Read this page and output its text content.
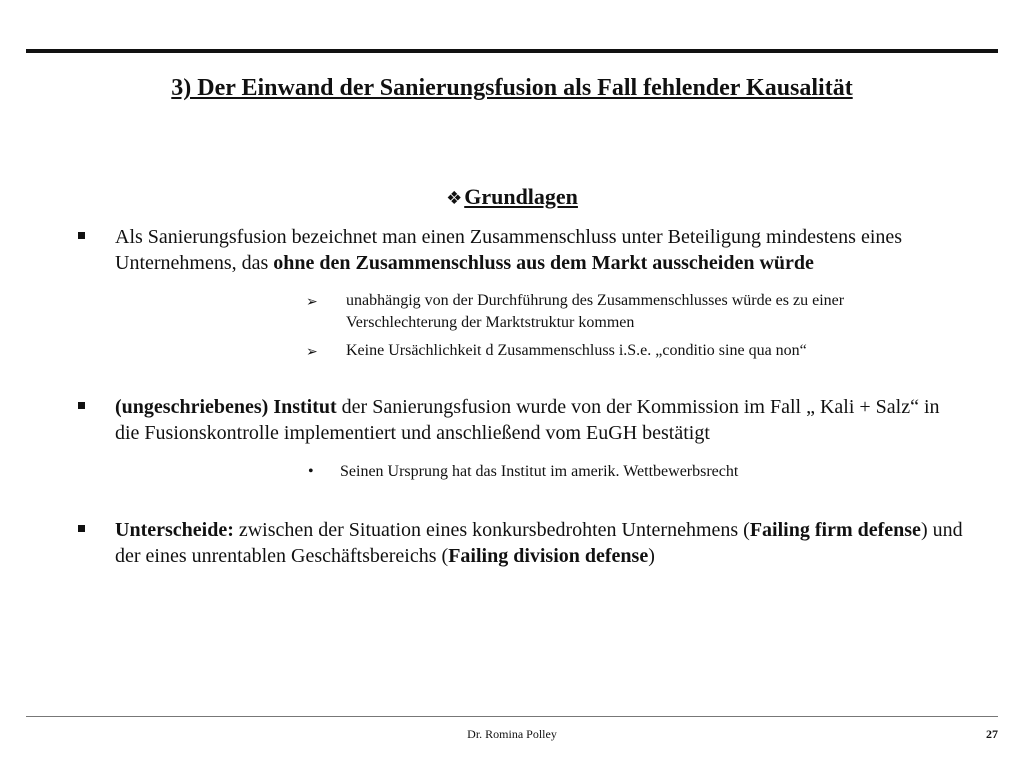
3) Der Einwand der Sanierungsfusion als Fall fehlender Kausalität
❖Grundlagen
Als Sanierungsfusion bezeichnet man einen Zusammenschluss unter Beteiligung mindestens eines Unternehmens, das ohne den Zusammenschluss aus dem Markt ausscheiden würde
➢ unabhängig von der Durchführung des Zusammenschlusses würde es zu einer Verschlechterung der Marktstruktur kommen
➢ Keine Ursächlichkeit d Zusammenschluss i.S.e. „conditio sine qua non“
(ungeschriebenes) Institut der Sanierungsfusion wurde von der Kommission im Fall „ Kali + Salz“ in die Fusionskontrolle implementiert und anschließend vom EuGH bestätigt
• Seinen Ursprung hat das Institut im amerik. Wettbewerbsrecht
Unterscheide: zwischen der Situation eines konkursbedrohten Unternehmens (Failing firm defense) und der eines unrentablen Geschäftsbereichs (Failing division defense)
Dr. Romina Polley	27
